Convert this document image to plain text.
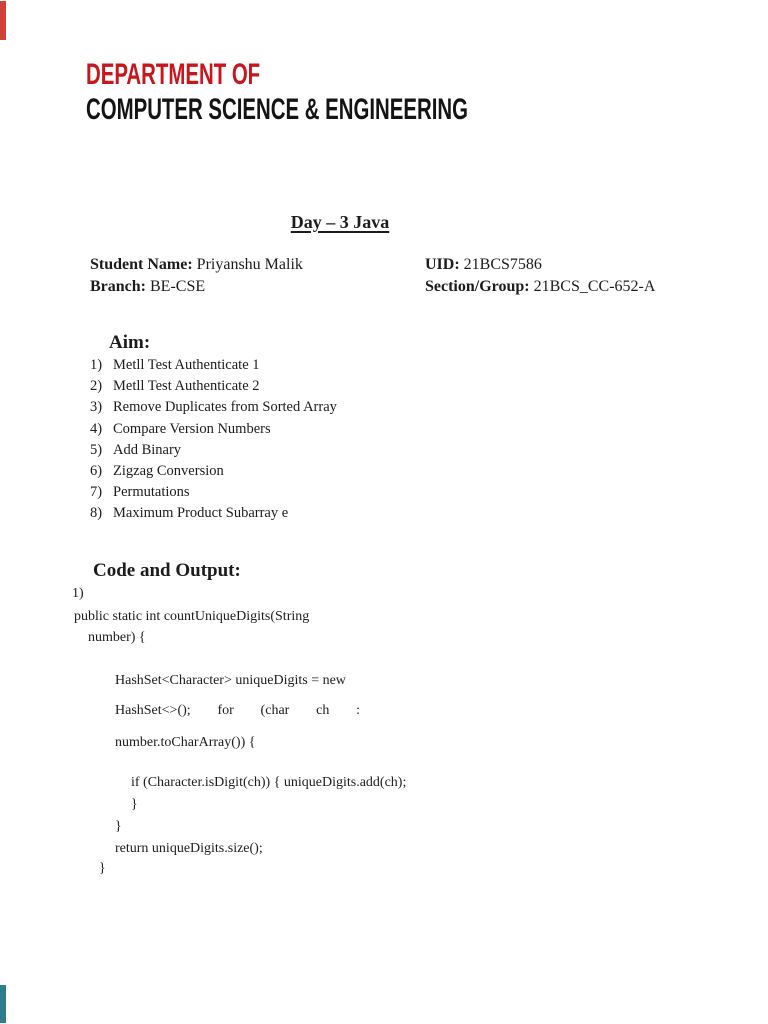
DEPARTMENT OF
COMPUTER SCIENCE & ENGINEERING
Day – 3 Java
Student Name: Priyanshu Malik
Branch: BE-CSE
UID: 21BCS7586
Section/Group: 21BCS_CC-652-A
Aim:
1) Metll Test Authenticate 1
2) Metll Test Authenticate 2
3) Remove Duplicates from Sorted Array
4) Compare Version Numbers
5) Add Binary
6) Zigzag Conversion
7) Permutations
8) Maximum Product Subarray e
Code and Output:
1)
public static int countUniqueDigits(String
number) {
HashSet<Character> uniqueDigits = new
HashSet<>(); for (char ch :
number.toCharArray()) {
if (Character.isDigit(ch)) { uniqueDigits.add(ch);
}
}
return uniqueDigits.size();
}
